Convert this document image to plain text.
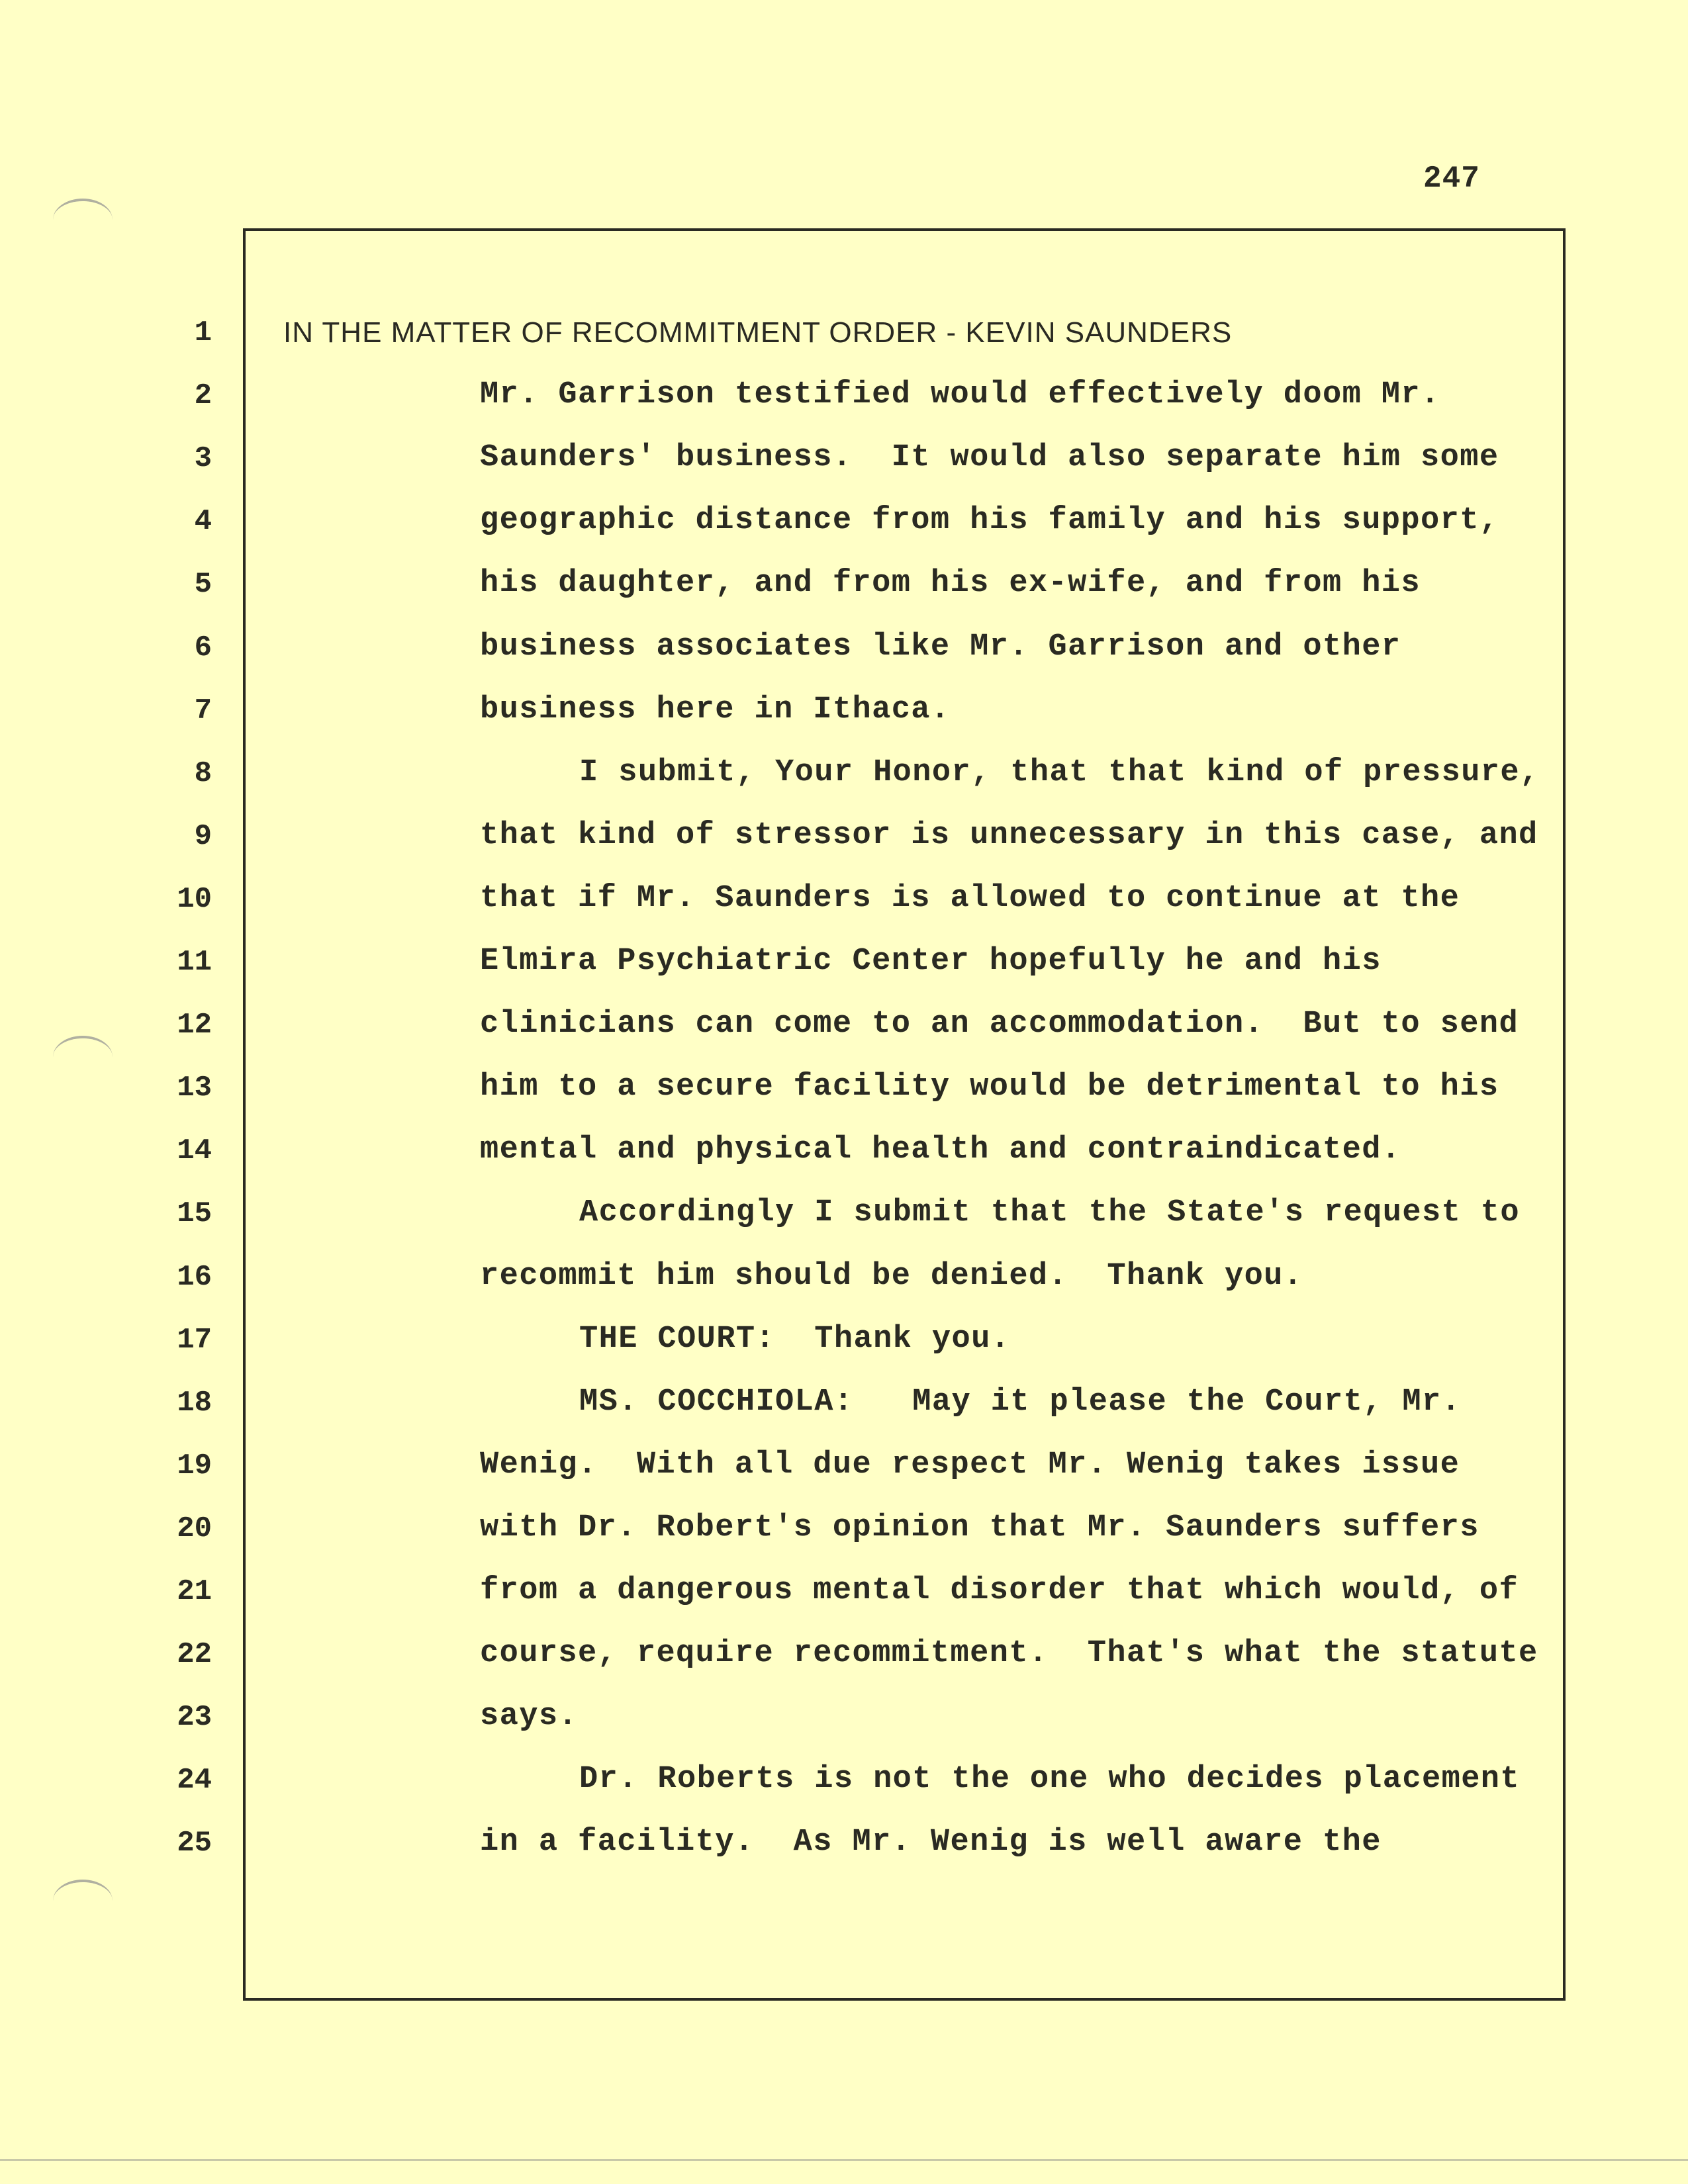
247
1
2
3
4
5
6
7
8
9
10
11
12
13
14
15
16
17
18
19
20
21
22
23
24
25
IN THE MATTER OF RECOMMITMENT ORDER - KEVIN SAUNDERS
Mr. Garrison testified would effectively doom Mr.
Saunders' business.  It would also separate him some
geographic distance from his family and his support,
his daughter, and from his ex-wife, and from his
business associates like Mr. Garrison and other
business here in Ithaca.
I submit, Your Honor, that that kind of pressure,
that kind of stressor is unnecessary in this case, and
that if Mr. Saunders is allowed to continue at the
Elmira Psychiatric Center hopefully he and his
clinicians can come to an accommodation.  But to send
him to a secure facility would be detrimental to his
mental and physical health and contraindicated.
Accordingly I submit that the State's request to
recommit him should be denied.  Thank you.
THE COURT:  Thank you.
MS. COCCHIOLA:   May it please the Court, Mr.
Wenig.  With all due respect Mr. Wenig takes issue
with Dr. Robert's opinion that Mr. Saunders suffers
from a dangerous mental disorder that which would, of
course, require recommitment.  That's what the statute
says.
Dr. Roberts is not the one who decides placement
in a facility.  As Mr. Wenig is well aware the
